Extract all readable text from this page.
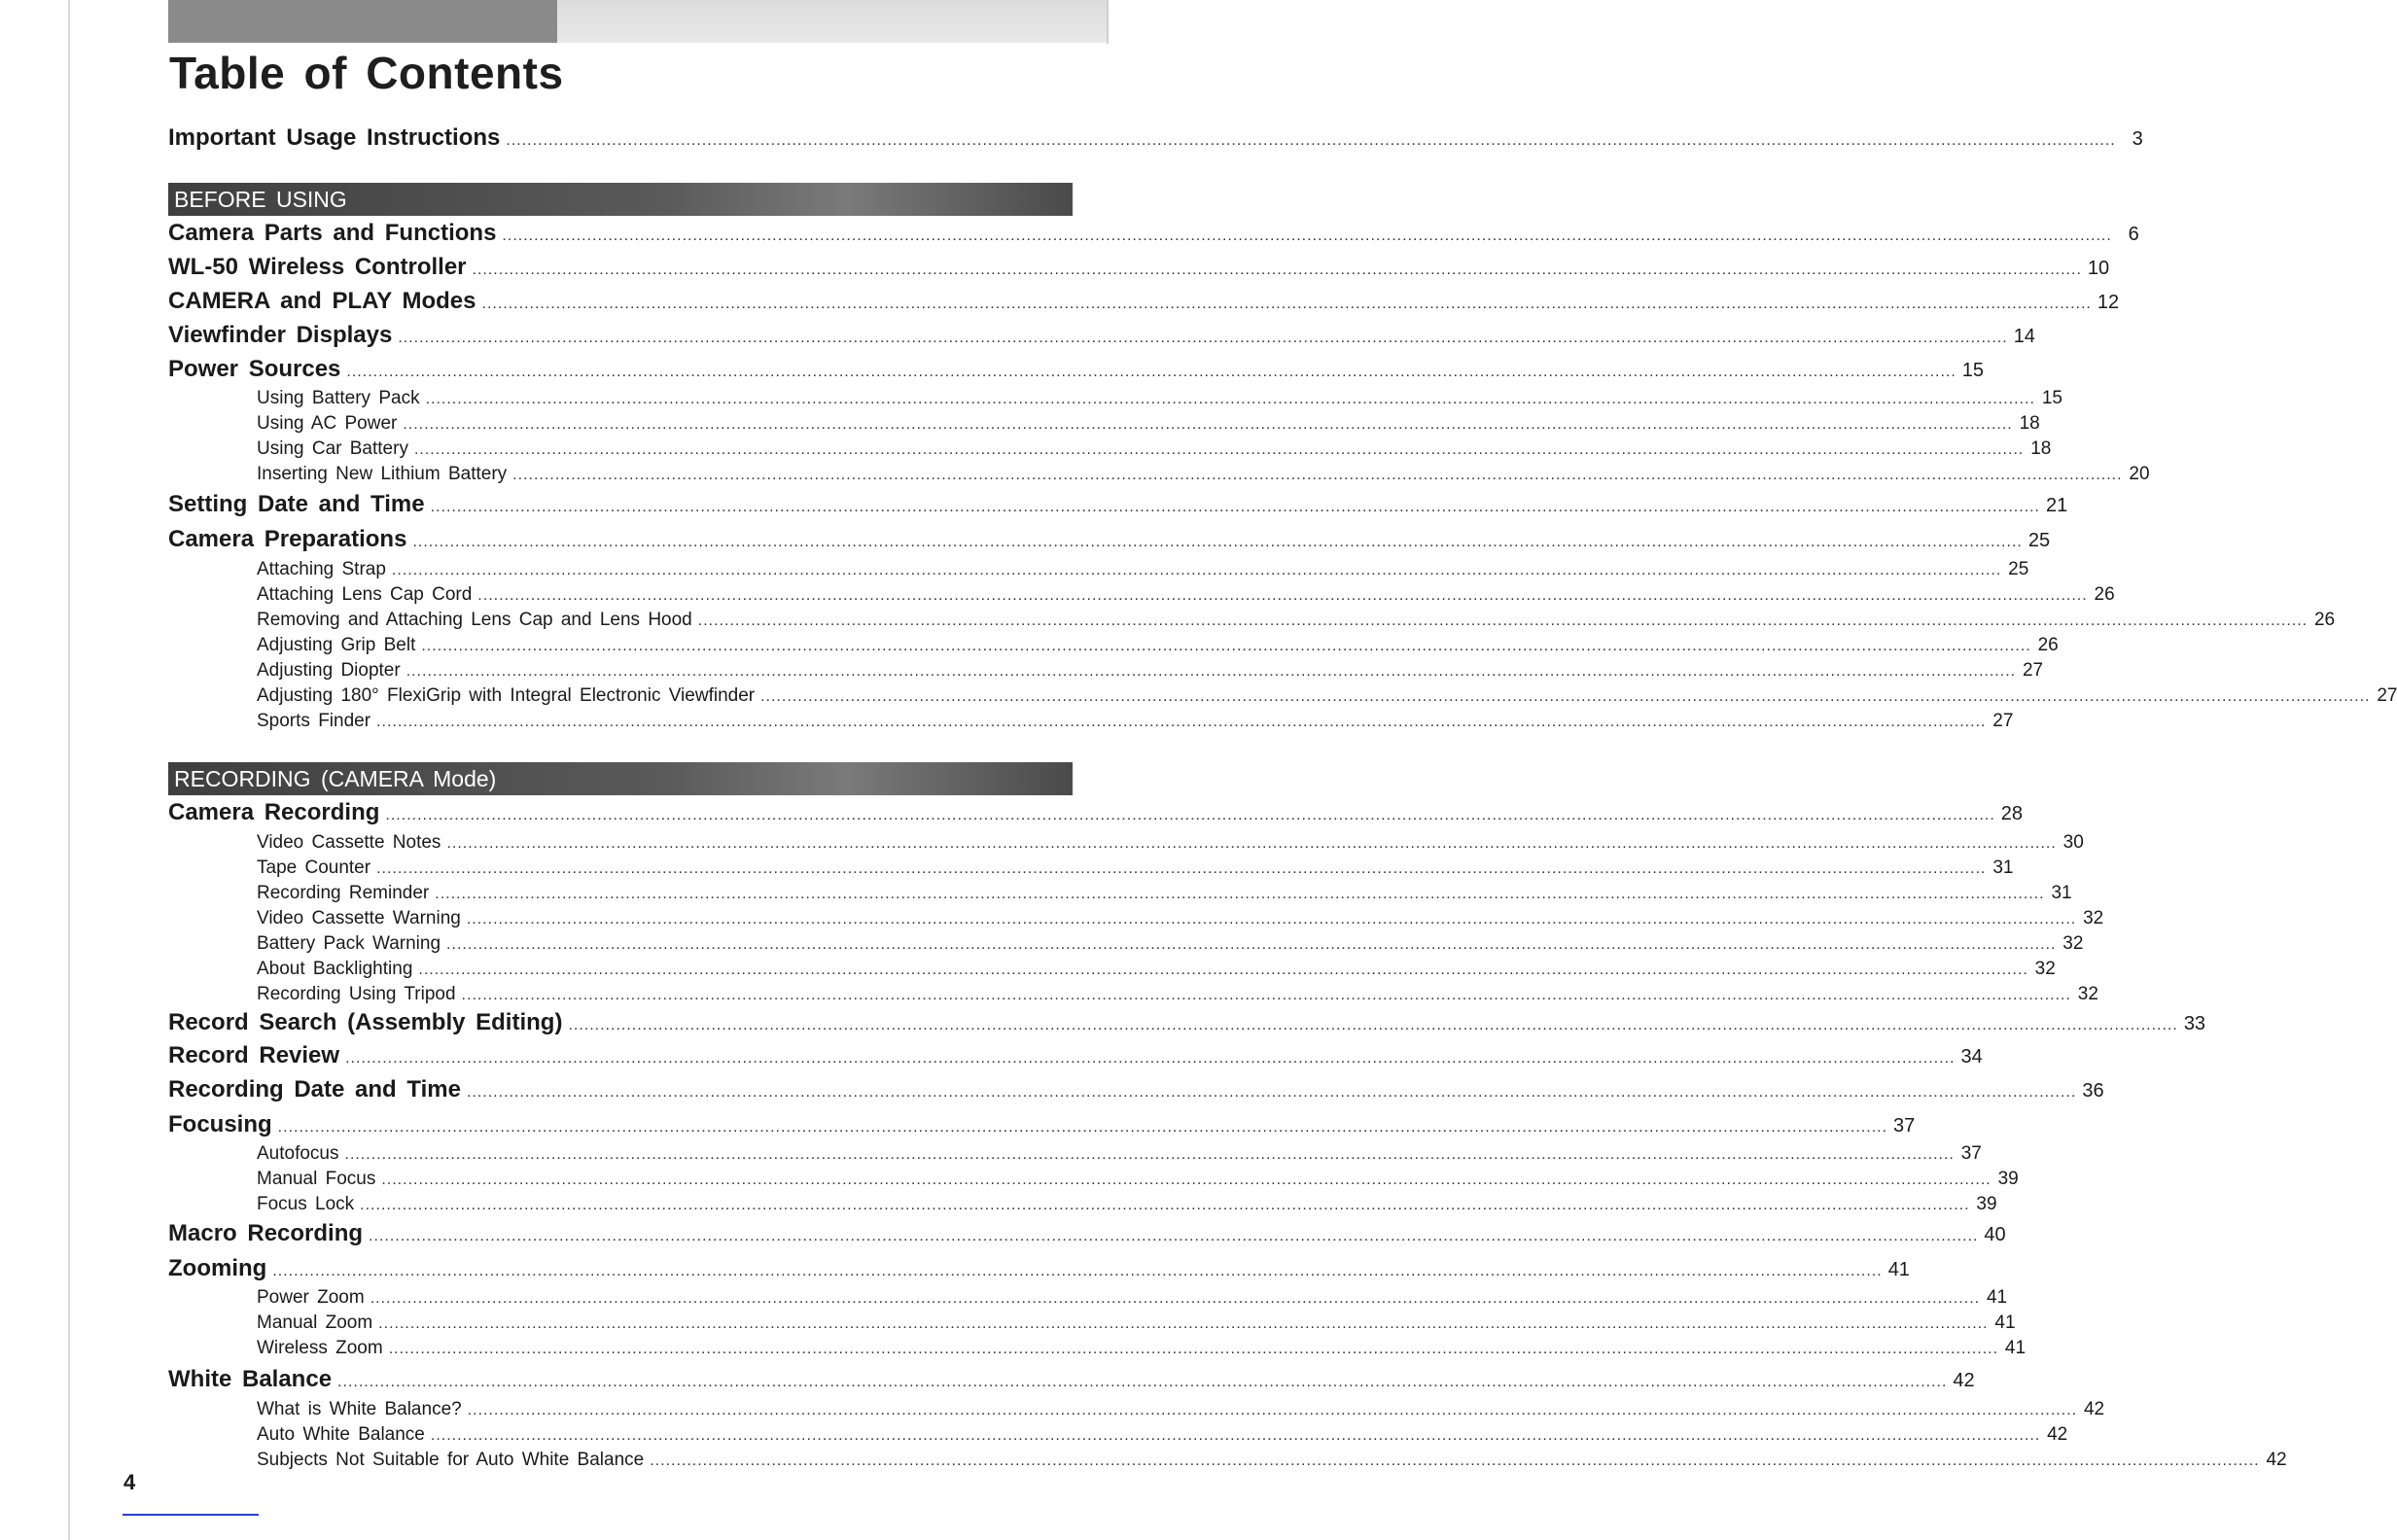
Table of Contents
Important Usage Instructions ................................................................................................................................................................................................................................................................................................................ 3
BEFORE USING
Camera Parts and Functions ................................................................................................................................................................................................................................................................................................................ 6
WL-50 Wireless Controller ................................................................................................................................................................................................................................................................................................................ 10
CAMERA and PLAY Modes ................................................................................................................................................................................................................................................................................................................ 12
Viewfinder Displays ................................................................................................................................................................................................................................................................................................................ 14
Power Sources ................................................................................................................................................................................................................................................................................................................ 15
Using Battery Pack ................................................................................................................................................................................................................................................................................................................ 15
Using AC Power ................................................................................................................................................................................................................................................................................................................ 18
Using Car Battery ................................................................................................................................................................................................................................................................................................................ 18
Inserting New Lithium Battery ................................................................................................................................................................................................................................................................................................................ 20
Setting Date and Time ................................................................................................................................................................................................................................................................................................................ 21
Camera Preparations ................................................................................................................................................................................................................................................................................................................ 25
Attaching Strap ................................................................................................................................................................................................................................................................................................................ 25
Attaching Lens Cap Cord ................................................................................................................................................................................................................................................................................................................ 26
Removing and Attaching Lens Cap and Lens Hood ................................................................................................................................................................................................................................................................................................................ 26
Adjusting Grip Belt ................................................................................................................................................................................................................................................................................................................ 26
Adjusting Diopter ................................................................................................................................................................................................................................................................................................................ 27
Adjusting 180° FlexiGrip with Integral Electronic Viewfinder ................................................................................................................................................................................................................................................................................................................ 27
Sports Finder ................................................................................................................................................................................................................................................................................................................ 27
RECORDING (CAMERA Mode)
Camera Recording ................................................................................................................................................................................................................................................................................................................ 28
Video Cassette Notes ................................................................................................................................................................................................................................................................................................................ 30
Tape Counter ................................................................................................................................................................................................................................................................................................................ 31
Recording Reminder ................................................................................................................................................................................................................................................................................................................ 31
Video Cassette Warning ................................................................................................................................................................................................................................................................................................................ 32
Battery Pack Warning ................................................................................................................................................................................................................................................................................................................ 32
About Backlighting ................................................................................................................................................................................................................................................................................................................ 32
Recording Using Tripod ................................................................................................................................................................................................................................................................................................................ 32
Record Search (Assembly Editing) ................................................................................................................................................................................................................................................................................................................ 33
Record Review ................................................................................................................................................................................................................................................................................................................ 34
Recording Date and Time ................................................................................................................................................................................................................................................................................................................ 36
Focusing ................................................................................................................................................................................................................................................................................................................ 37
Autofocus ................................................................................................................................................................................................................................................................................................................ 37
Manual Focus ................................................................................................................................................................................................................................................................................................................ 39
Focus Lock ................................................................................................................................................................................................................................................................................................................ 39
Macro Recording ................................................................................................................................................................................................................................................................................................................ 40
Zooming ................................................................................................................................................................................................................................................................................................................ 41
Power Zoom ................................................................................................................................................................................................................................................................................................................ 41
Manual Zoom ................................................................................................................................................................................................................................................................................................................ 41
Wireless Zoom ................................................................................................................................................................................................................................................................................................................ 41
White Balance ................................................................................................................................................................................................................................................................................................................ 42
What is White Balance? ................................................................................................................................................................................................................................................................................................................ 42
Auto White Balance ................................................................................................................................................................................................................................................................................................................ 42
Subjects Not Suitable for Auto White Balance ................................................................................................................................................................................................................................................................................................................ 42
4
